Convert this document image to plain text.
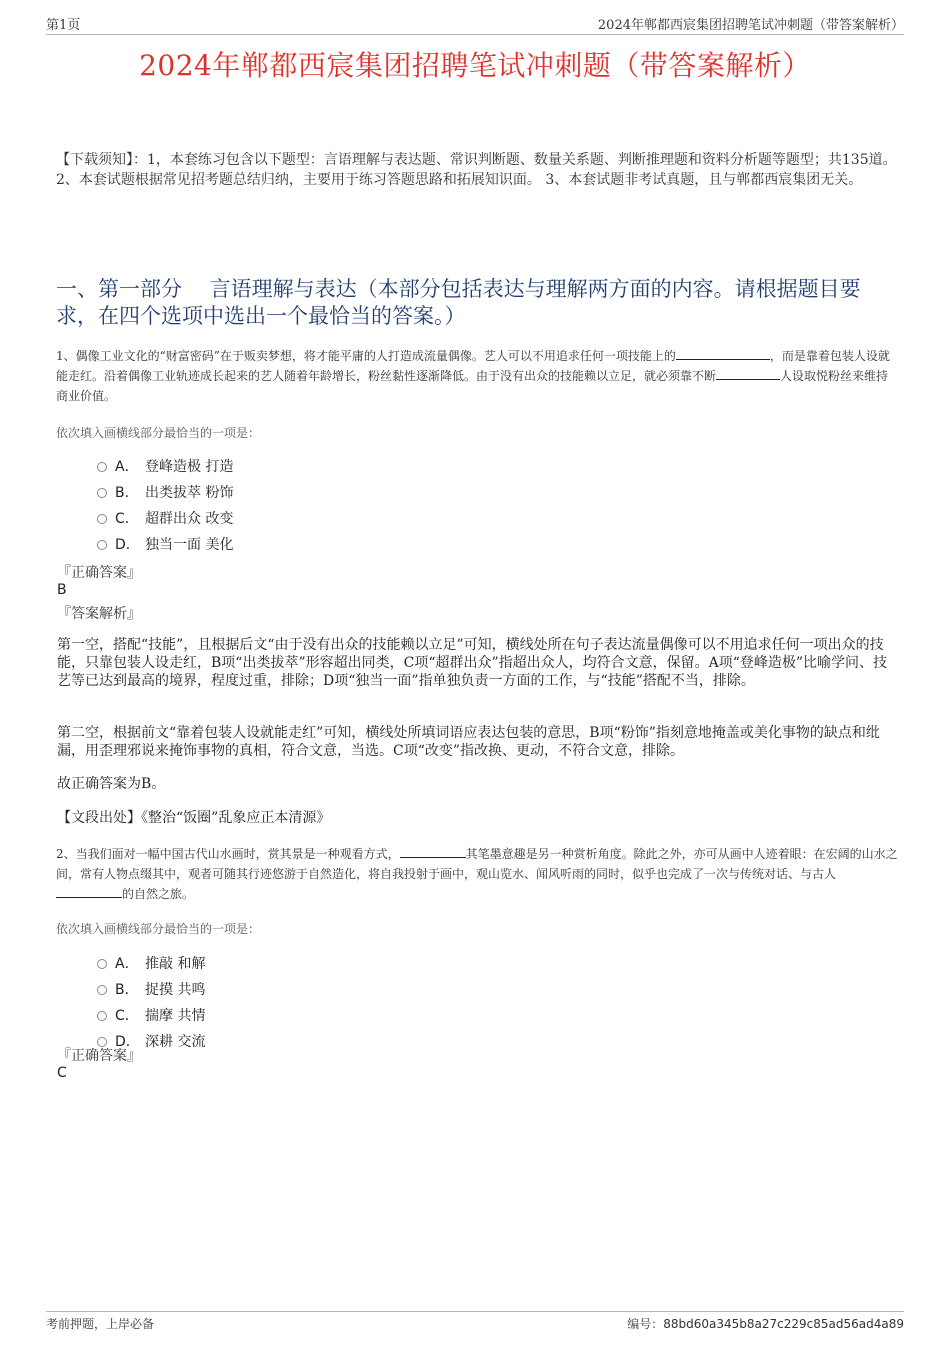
第1页	2024年郸都西宸集团招聘笔试冲刺题（带答案解析）
2024年郸都西宸集团招聘笔试冲刺题（带答案解析）
【下载须知】：1，本套练习包含以下题型：言语理解与表达题、常识判断题、数量关系题、判断推理题和资料分析题等题型；共135道。 2、本套试题根据常见招考题总结归纳，主要用于练习答题思路和拓展知识面。 3、本套试题非考试真题，且与郸都西宸集团无关。
一、第一部分　 言语理解与表达（本部分包括表达与理解两方面的内容。请根据题目要求，在四个选项中选出一个最恰当的答案。）
1、偶像工业文化的“财富密码”在于贩卖梦想，将才能平庸的人打造成流量偶像。艺人可以不用追求任何一项技能上的	，而是靠着包装人设就能走红。沿着偶像工业轨迹成长起来的艺人随着年龄增长，粉丝黏性逐渐降低。由于没有出众的技能赖以立足，就必须靠不断	人设取悦粉丝来维持商业价值。
依次填入画横线部分最恰当的一项是：
A． 登峰造极 打造
B． 出类拔萃 粉饰
C． 超群出众 改变
D． 独当一面 美化
『正确答案』
B
『答案解析』
第一空，搭配“技能”，且根据后文“由于没有出众的技能赖以立足”可知，横线处所在句子表达流量偶像可以不用追求任何一项出众的技能，只靠包装人设走红，B项“出类拔萃”形容超出同类，C项“超群出众”指超出众人，均符合文意，保留。A项“登峰造极”比喻学问、技艺等已达到最高的境界，程度过重，排除；D项“独当一面”指单独负责一方面的工作，与“技能”搭配不当，排除。
第二空，根据前文“靠着包装人设就能走红”可知，横线处所填词语应表达包装的意思，B项“粉饰”指刻意地掩盖或美化事物的缺点和纰漏，用歪理邪说来掩饰事物的真相，符合文意，当选。C项“改变”指改换、更动，不符合文意，排除。
故正确答案为B。
【文段出处】《整治“饭圈”乱象应正本清源》
2、当我们面对一幅中国古代山水画时，赏其景是一种观看方式，	其笔墨意趣是另一种赏析角度。除此之外，亦可从画中人迹着眼：在宏阔的山水之间，常有人物点缀其中，观者可随其行迹悠游于自然造化，将自我投射于画中，观山览水、闻风听雨的同时，似乎也完成了一次与传统对话、与古人的自然之旅。
依次填入画横线部分最恰当的一项是：
A． 推敲 和解
B． 捉摸 共鸣
C． 揣摩 共情
D． 深耕 交流
『正确答案』
C
考前押题，上岸必备	编号：88bd60a345b8a27c229c85ad56ad4a89
